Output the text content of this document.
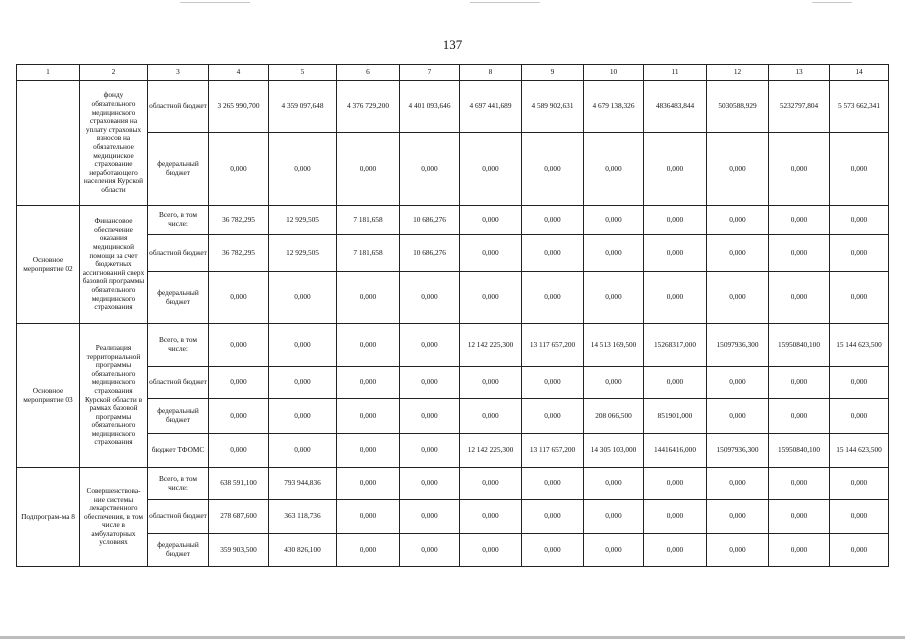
137
1	2	3	4	5	6	7	8	9	10	11	12	13	14
	фонду обязательного медицинского страхования на уплату страховых взносов на обязательное медицинское страхование неработающего населения Курской области	областной бюджет	3 265 990,700	4 359 097,648	4 376 729,200	4 401 093,646	4 697 441,689	4 589 902,631	4 679 138,326	4836483,844	5030588,929	5232797,804	5 573 662,341
		федеральный бюджет	0,000	0,000	0,000	0,000	0,000	0,000	0,000	0,000	0,000	0,000	0,000
Основное мероприятие 02	Финансовое обеспечение оказания медицинской помощи за счет бюджетных ассигнований сверх базовой программы обязательного медицинского страхования	Всего, в том числе:	36 782,295	12 929,505	7 181,658	10 686,276	0,000	0,000	0,000	0,000	0,000	0,000	0,000
		областной бюджет	36 782,295	12 929,505	7 181,658	10 686,276	0,000	0,000	0,000	0,000	0,000	0,000	0,000
		федеральный бюджет	0,000	0,000	0,000	0,000	0,000	0,000	0,000	0,000	0,000	0,000	0,000
Основное мероприятие 03	Реализация территориальной программы обязательного медицинского страхования Курской области в рамках базовой программы обязательного медицинского страхования	Всего, в том числе:	0,000	0,000	0,000	0,000	12 142 225,300	13 117 657,200	14 513 169,500	15268317,000	15097936,300	15950840,100	15 144 623,500
		областной бюджет	0,000	0,000	0,000	0,000	0,000	0,000	0,000	0,000	0,000	0,000	0,000
		федеральный бюджет	0,000	0,000	0,000	0,000	0,000	0,000	208 066,500	851901,000	0,000	0,000	0,000
		бюджет ТФОМС	0,000	0,000	0,000	0,000	12 142 225,300	13 117 657,200	14 305 103,000	14416416,000	15097936,300	15950840,100	15 144 623,500
Подпрограм-ма 8	Совершенствова-ние системы лекарственного обеспечения, в том числе в амбулаторных условиях	Всего, в том числе:	638 591,100	793 944,836	0,000	0,000	0,000	0,000	0,000	0,000	0,000	0,000	0,000
		областной бюджет	278 687,600	363 118,736	0,000	0,000	0,000	0,000	0,000	0,000	0,000	0,000	0,000
		федеральный бюджет	359 903,500	430 826,100	0,000	0,000	0,000	0,000	0,000	0,000	0,000	0,000	0,000
